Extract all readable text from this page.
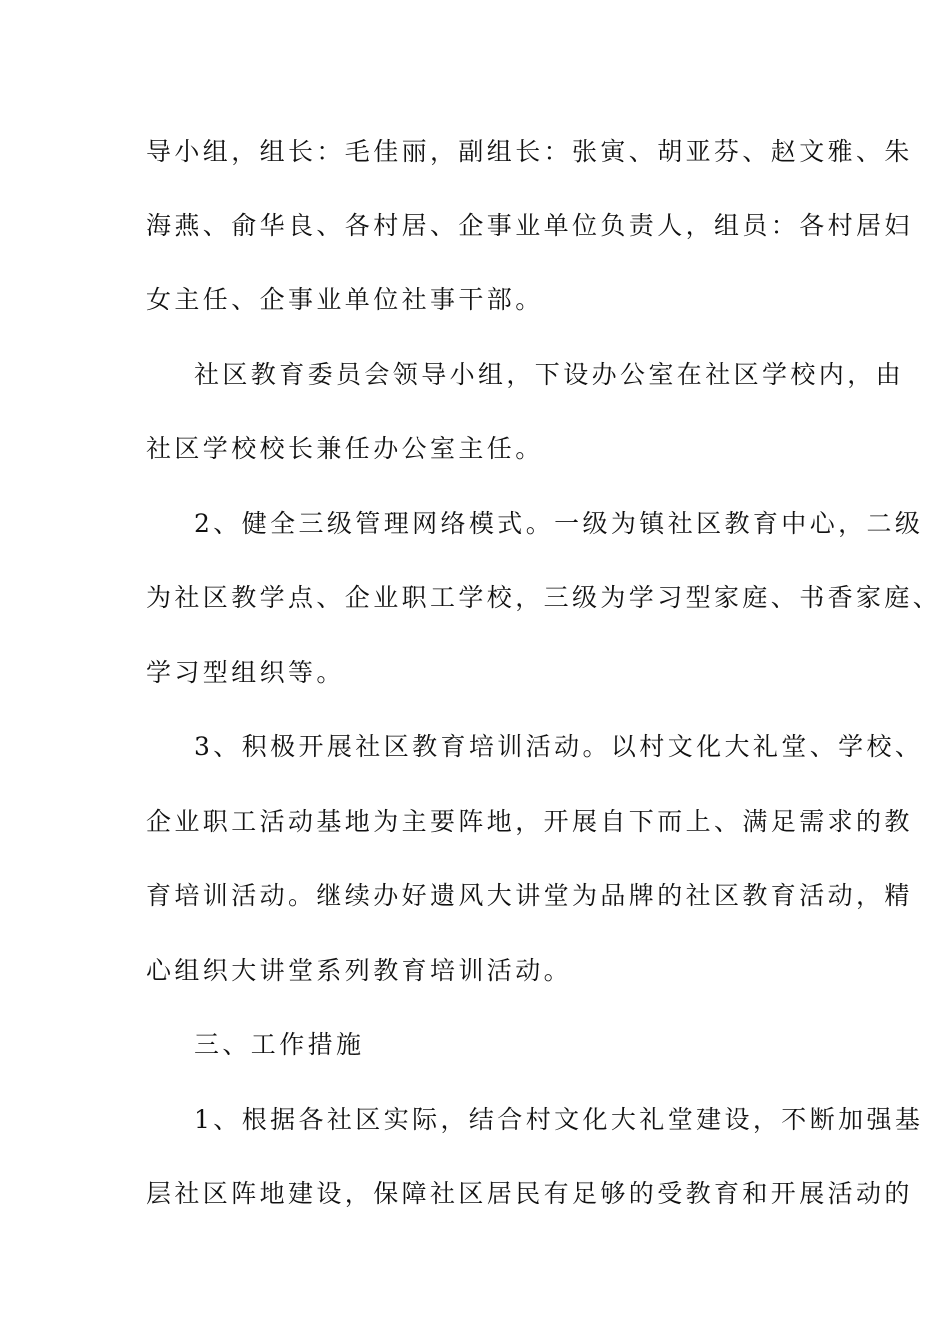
导小组，组长：毛佳丽，副组长：张寅、胡亚芬、赵文雅、朱

海燕、俞华良、各村居、企事业单位负责人，组员：各村居妇

女主任、企事业单位社事干部。

社区教育委员会领导小组，下设办公室在社区学校内，由

社区学校校长兼任办公室主任。

2、健全三级管理网络模式。一级为镇社区教育中心，二级

为社区教学点、企业职工学校，三级为学习型家庭、书香家庭、

学习型组织等。

3、积极开展社区教育培训活动。以村文化大礼堂、学校、

企业职工活动基地为主要阵地，开展自下而上、满足需求的教

育培训活动。继续办好遗风大讲堂为品牌的社区教育活动，精

心组织大讲堂系列教育培训活动。

三、工作措施

1、根据各社区实际，结合村文化大礼堂建设，不断加强基

层社区阵地建设，保障社区居民有足够的受教育和开展活动的
